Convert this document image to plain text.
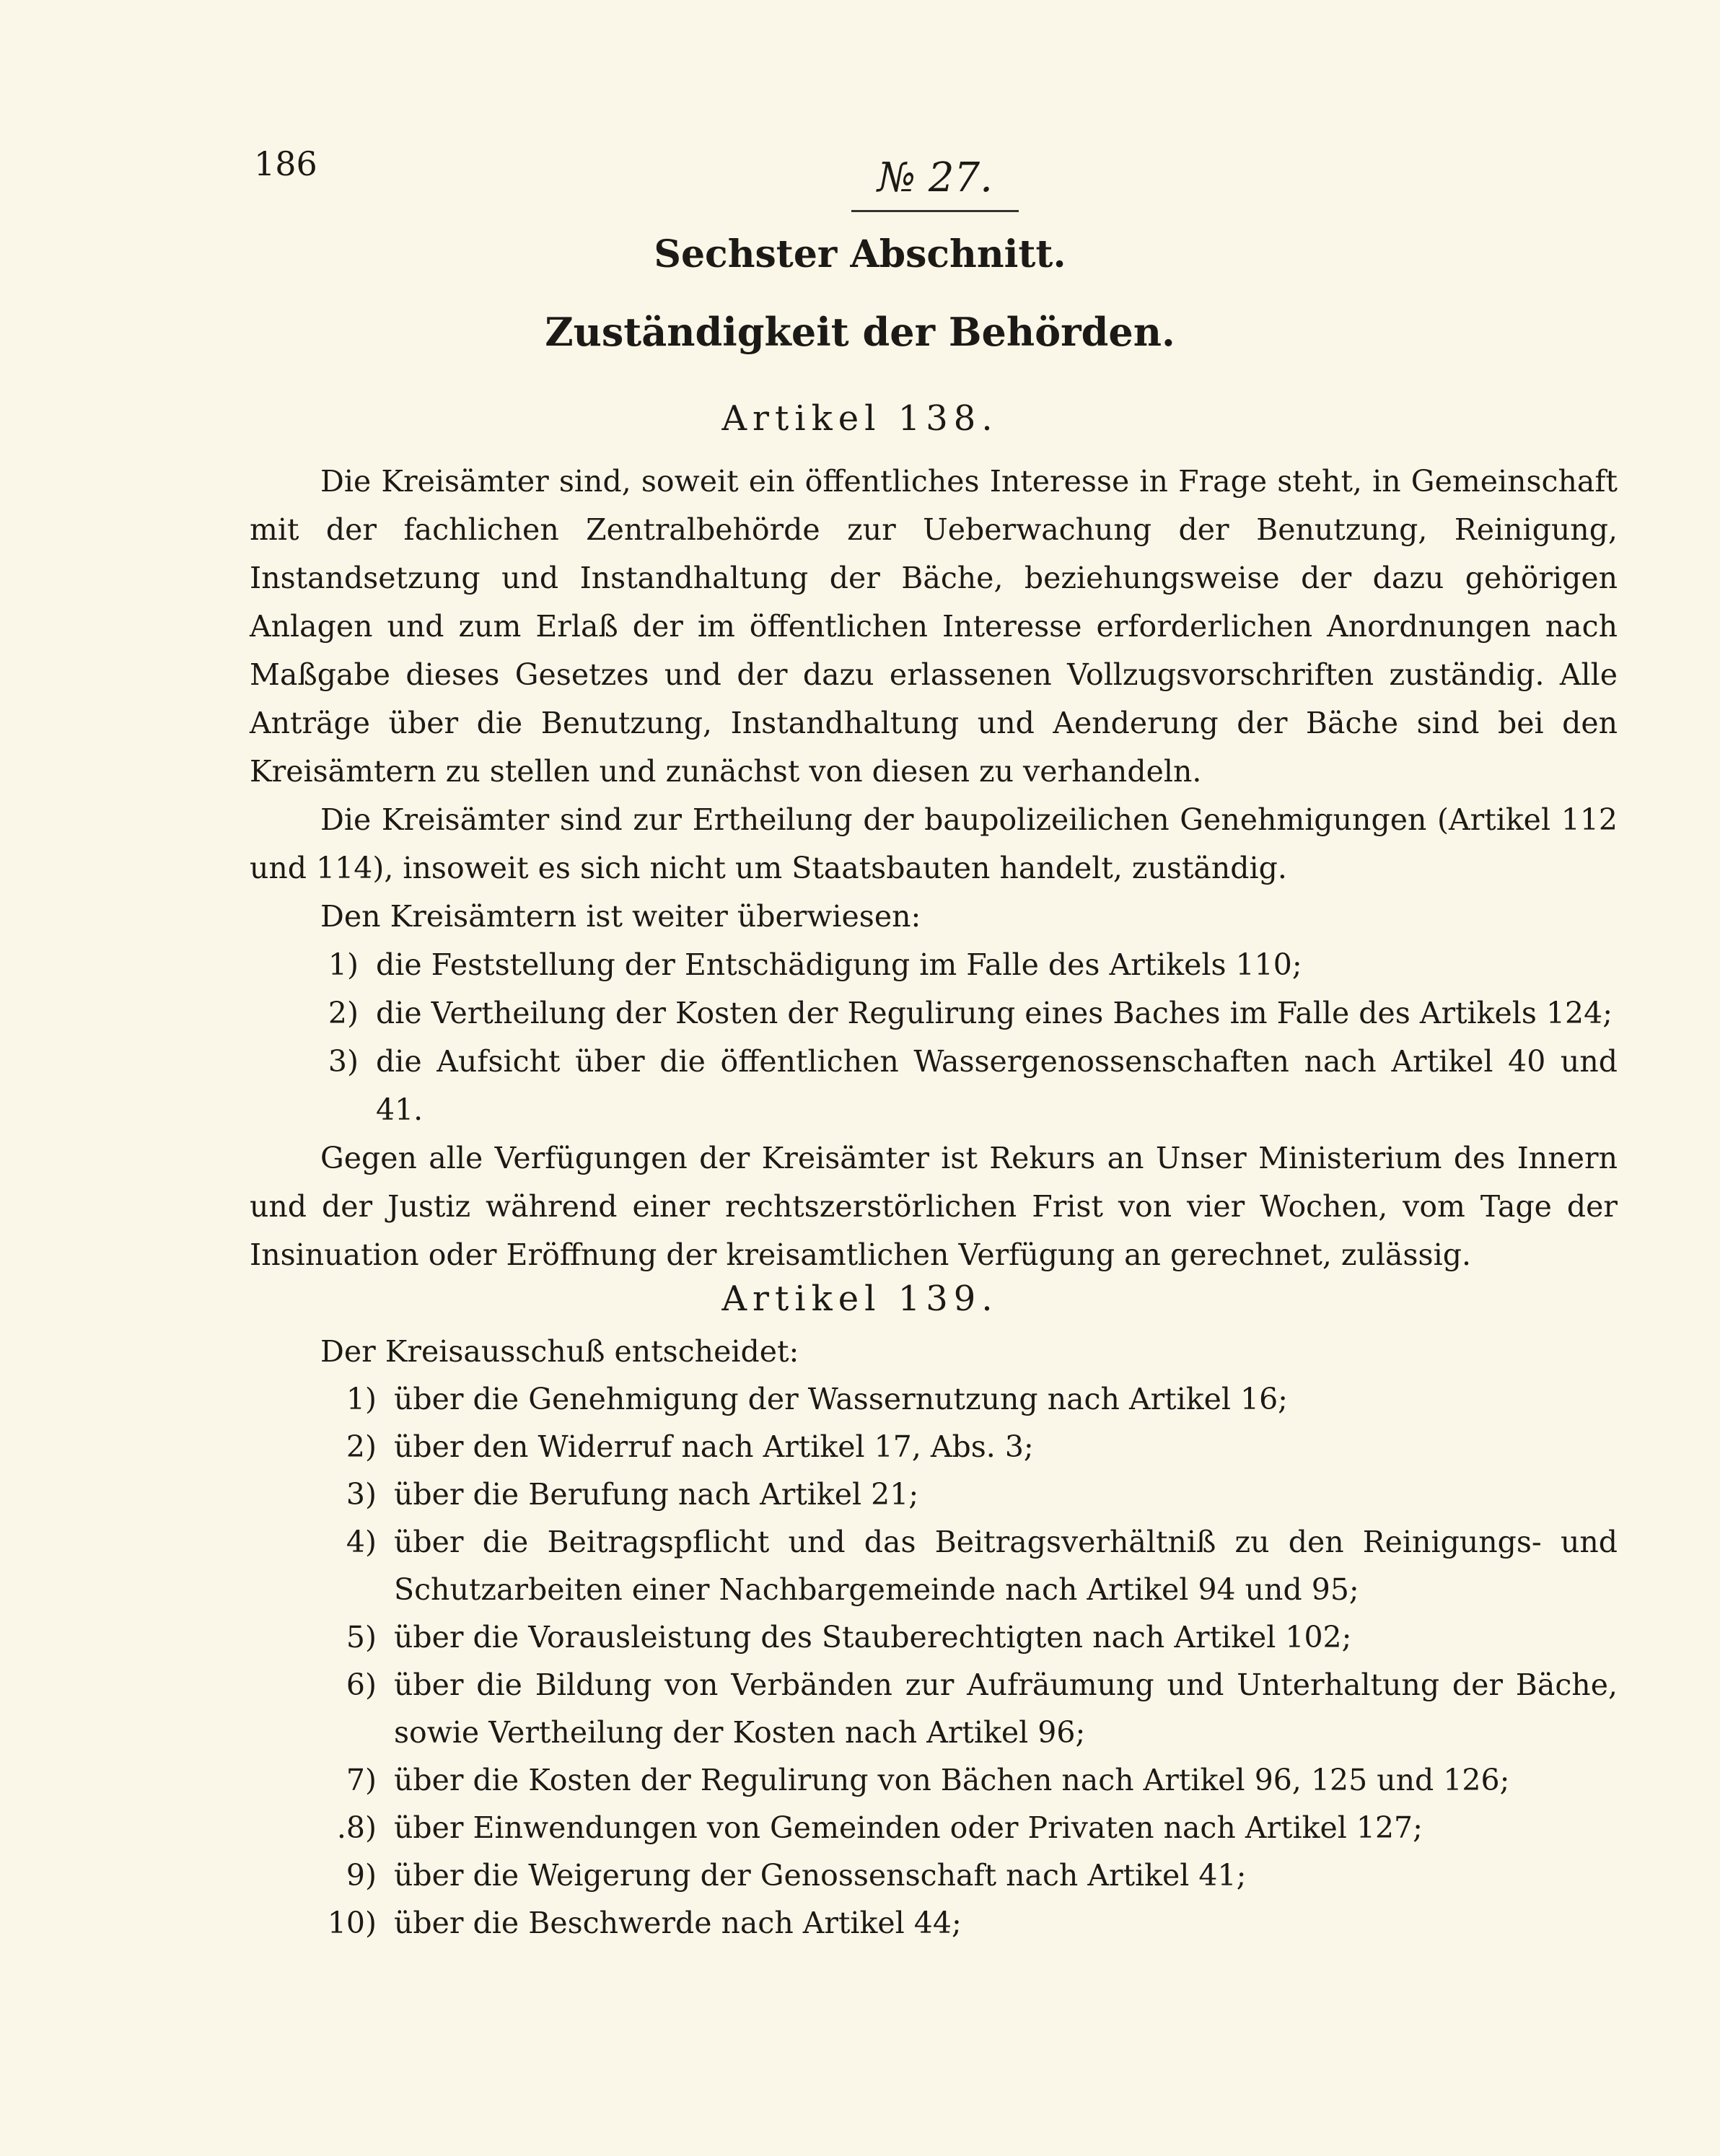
186	№ 27.
Sechster Abschnitt.
Zuständigkeit der Behörden.
Artikel 138.

Die Kreisämter sind, soweit ein öffentliches Interesse in Frage steht, in Gemeinschaft mit der fachlichen Zentralbehörde zur Ueberwachung der Benutzung, Reinigung, Instandsetzung und Instandhaltung der Bäche, beziehungsweise der dazu gehörigen Anlagen und zum Erlaß der im öffentlichen Interesse erforderlichen Anordnungen nach Maßgabe dieses Gesetzes und der dazu erlassenen Vollzugsvorschriften zuständig. Alle Anträge über die Benutzung, Instandhaltung und Aenderung der Bäche sind bei den Kreisämtern zu stellen und zunächst von diesen zu verhandeln.

Die Kreisämter sind zur Ertheilung der baupolizeilichen Genehmigungen (Artikel 112 und 114), insoweit es sich nicht um Staatsbauten handelt, zuständig.

Den Kreisämtern ist weiter überwiesen:

1) die Feststellung der Entschädigung im Falle des Artikels 110;
2) die Vertheilung der Kosten der Regulirung eines Baches im Falle des Artikels 124;
3) die Aufsicht über die öffentlichen Wassergenossenschaften nach Artikel 40 und 41.

Gegen alle Verfügungen der Kreisämter ist Rekurs an Unser Ministerium des Innern und der Justiz während einer rechtszerstörlichen Frist von vier Wochen, vom Tage der Insinuation oder Eröffnung der kreisamtlichen Verfügung an gerechnet, zulässig.

Artikel 139.
Der Kreisausschuß entscheidet:
1) über die Genehmigung der Wassernutzung nach Artikel 16;
2) über den Widerruf nach Artikel 17, Abs. 3;
3) über die Berufung nach Artikel 21;
4) über die Beitragspflicht und das Beitragsverhältniß zu den Reinigungs- und Schutzarbeiten einer Nachbargemeinde nach Artikel 94 und 95;
5) über die Vorausleistung des Stauberechtigten nach Artikel 102;
6) über die Bildung von Verbänden zur Aufräumung und Unterhaltung der Bäche, sowie Vertheilung der Kosten nach Artikel 96;
7) über die Kosten der Regulirung von Bächen nach Artikel 96, 125 und 126;
.8) über Einwendungen von Gemeinden oder Privaten nach Artikel 127;
9) über die Weigerung der Genossenschaft nach Artikel 41;
10) über die Beschwerde nach Artikel 44;
